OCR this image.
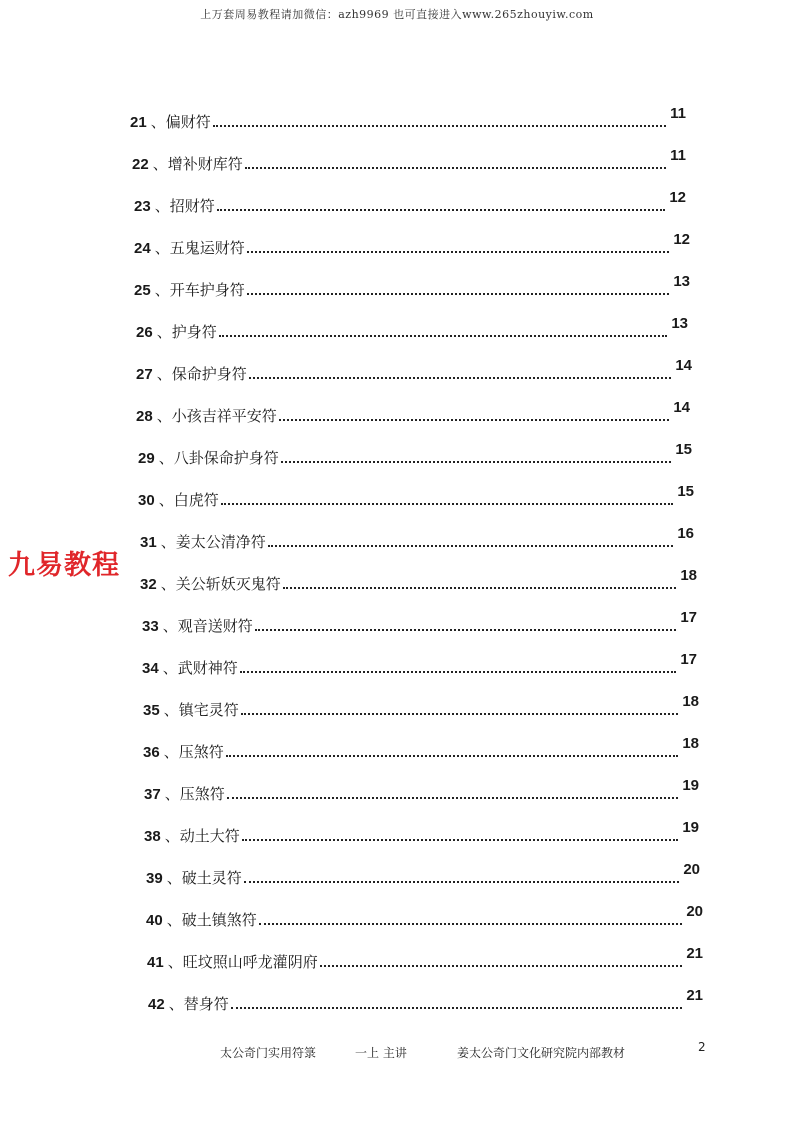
上万套周易教程请加微信：azh9969 也可直接进入www.265zhouyiw.com
21 、偏财符	11
22 、增补财库符	11
23 、招财符	12
24 、五鬼运财符	12
25 、开车护身符	13
26 、护身符	13
27 、保命护身符	14
28 、小孩吉祥平安符	14
29 、八卦保命护身符	15
30 、白虎符	15
31 、姜太公清净符	16
32 、关公斩妖灭鬼符	18
33 、观音送财符	17
34 、武财神符	17
35 、镇宅灵符	18
36 、压煞符	18
37 、压煞符	19
38 、动土大符	19
39 、破土灵符	20
40 、破土镇煞符	20
41 、旺坟照山呼龙灌阴府	21
42 、替身符	21
九易教程
太公奇门实用符箓	一上 主讲	姜太公奇门文化研究院内部教材	2
